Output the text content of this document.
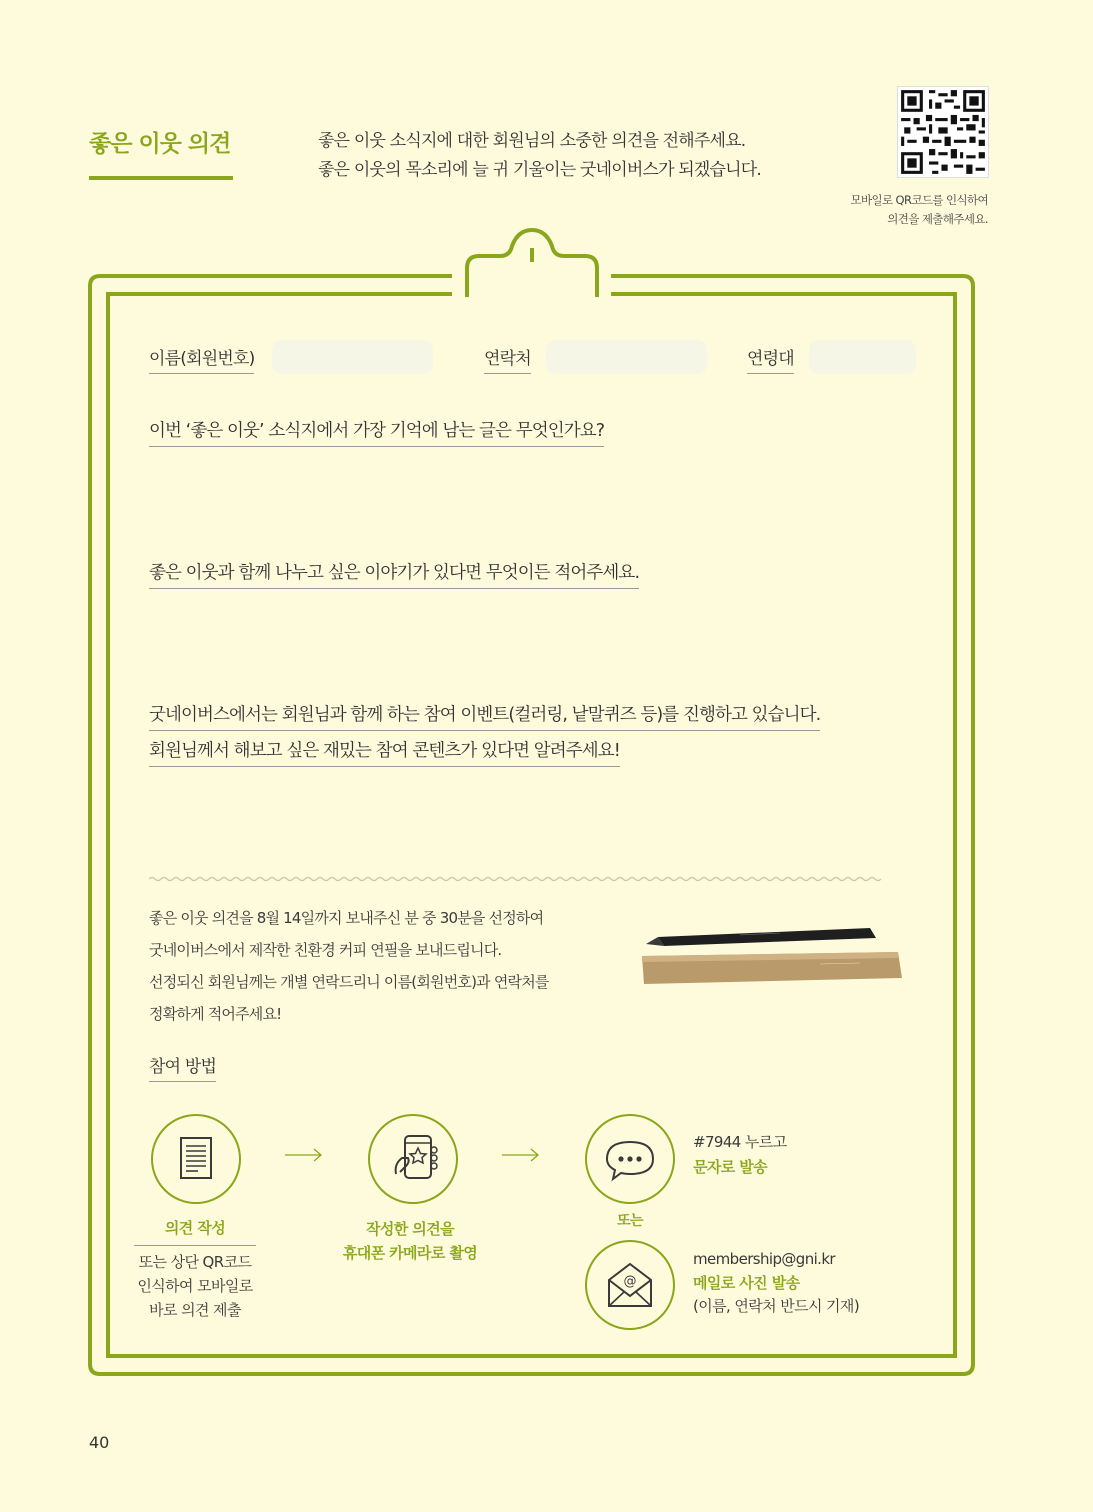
좋은 이웃 의견	좋은 이웃 소식지에 대한 회원님의 소중한 의견을 전해주세요.
좋은 이웃의 목소리에 늘 귀 기울이는 굿네이버스가 되겠습니다.
모바일로 QR코드를 인식하여
의견을 제출해주세요.
이름(회원번호)	연락처	연령대
이번 ‘좋은 이웃’ 소식지에서 가장 기억에 남는 글은 무엇인가요?
좋은 이웃과 함께 나누고 싶은 이야기가 있다면 무엇이든 적어주세요.
굿네이버스에서는 회원님과 함께 하는 참여 이벤트(컬러링, 낱말퀴즈 등)를 진행하고 있습니다.
회원님께서 해보고 싶은 재밌는 참여 콘텐츠가 있다면 알려주세요!
좋은 이웃 의견을 8월 14일까지 보내주신 분 중 30분을 선정하여
굿네이버스에서 제작한 친환경 커피 연필을 보내드립니다.
선정되신 회원님께는 개별 연락드리니 이름(회원번호)과 연락처를
정확하게 적어주세요!
참여 방법
의견 작성
또는 상단 QR코드
인식하여 모바일로
바로 의견 제출
작성한 의견을
휴대폰 카메라로 촬영
#7944 누르고
문자로 발송
또는
@
membership@gni.kr
메일로 사진 발송
(이름, 연락처 반드시 기재)
40
